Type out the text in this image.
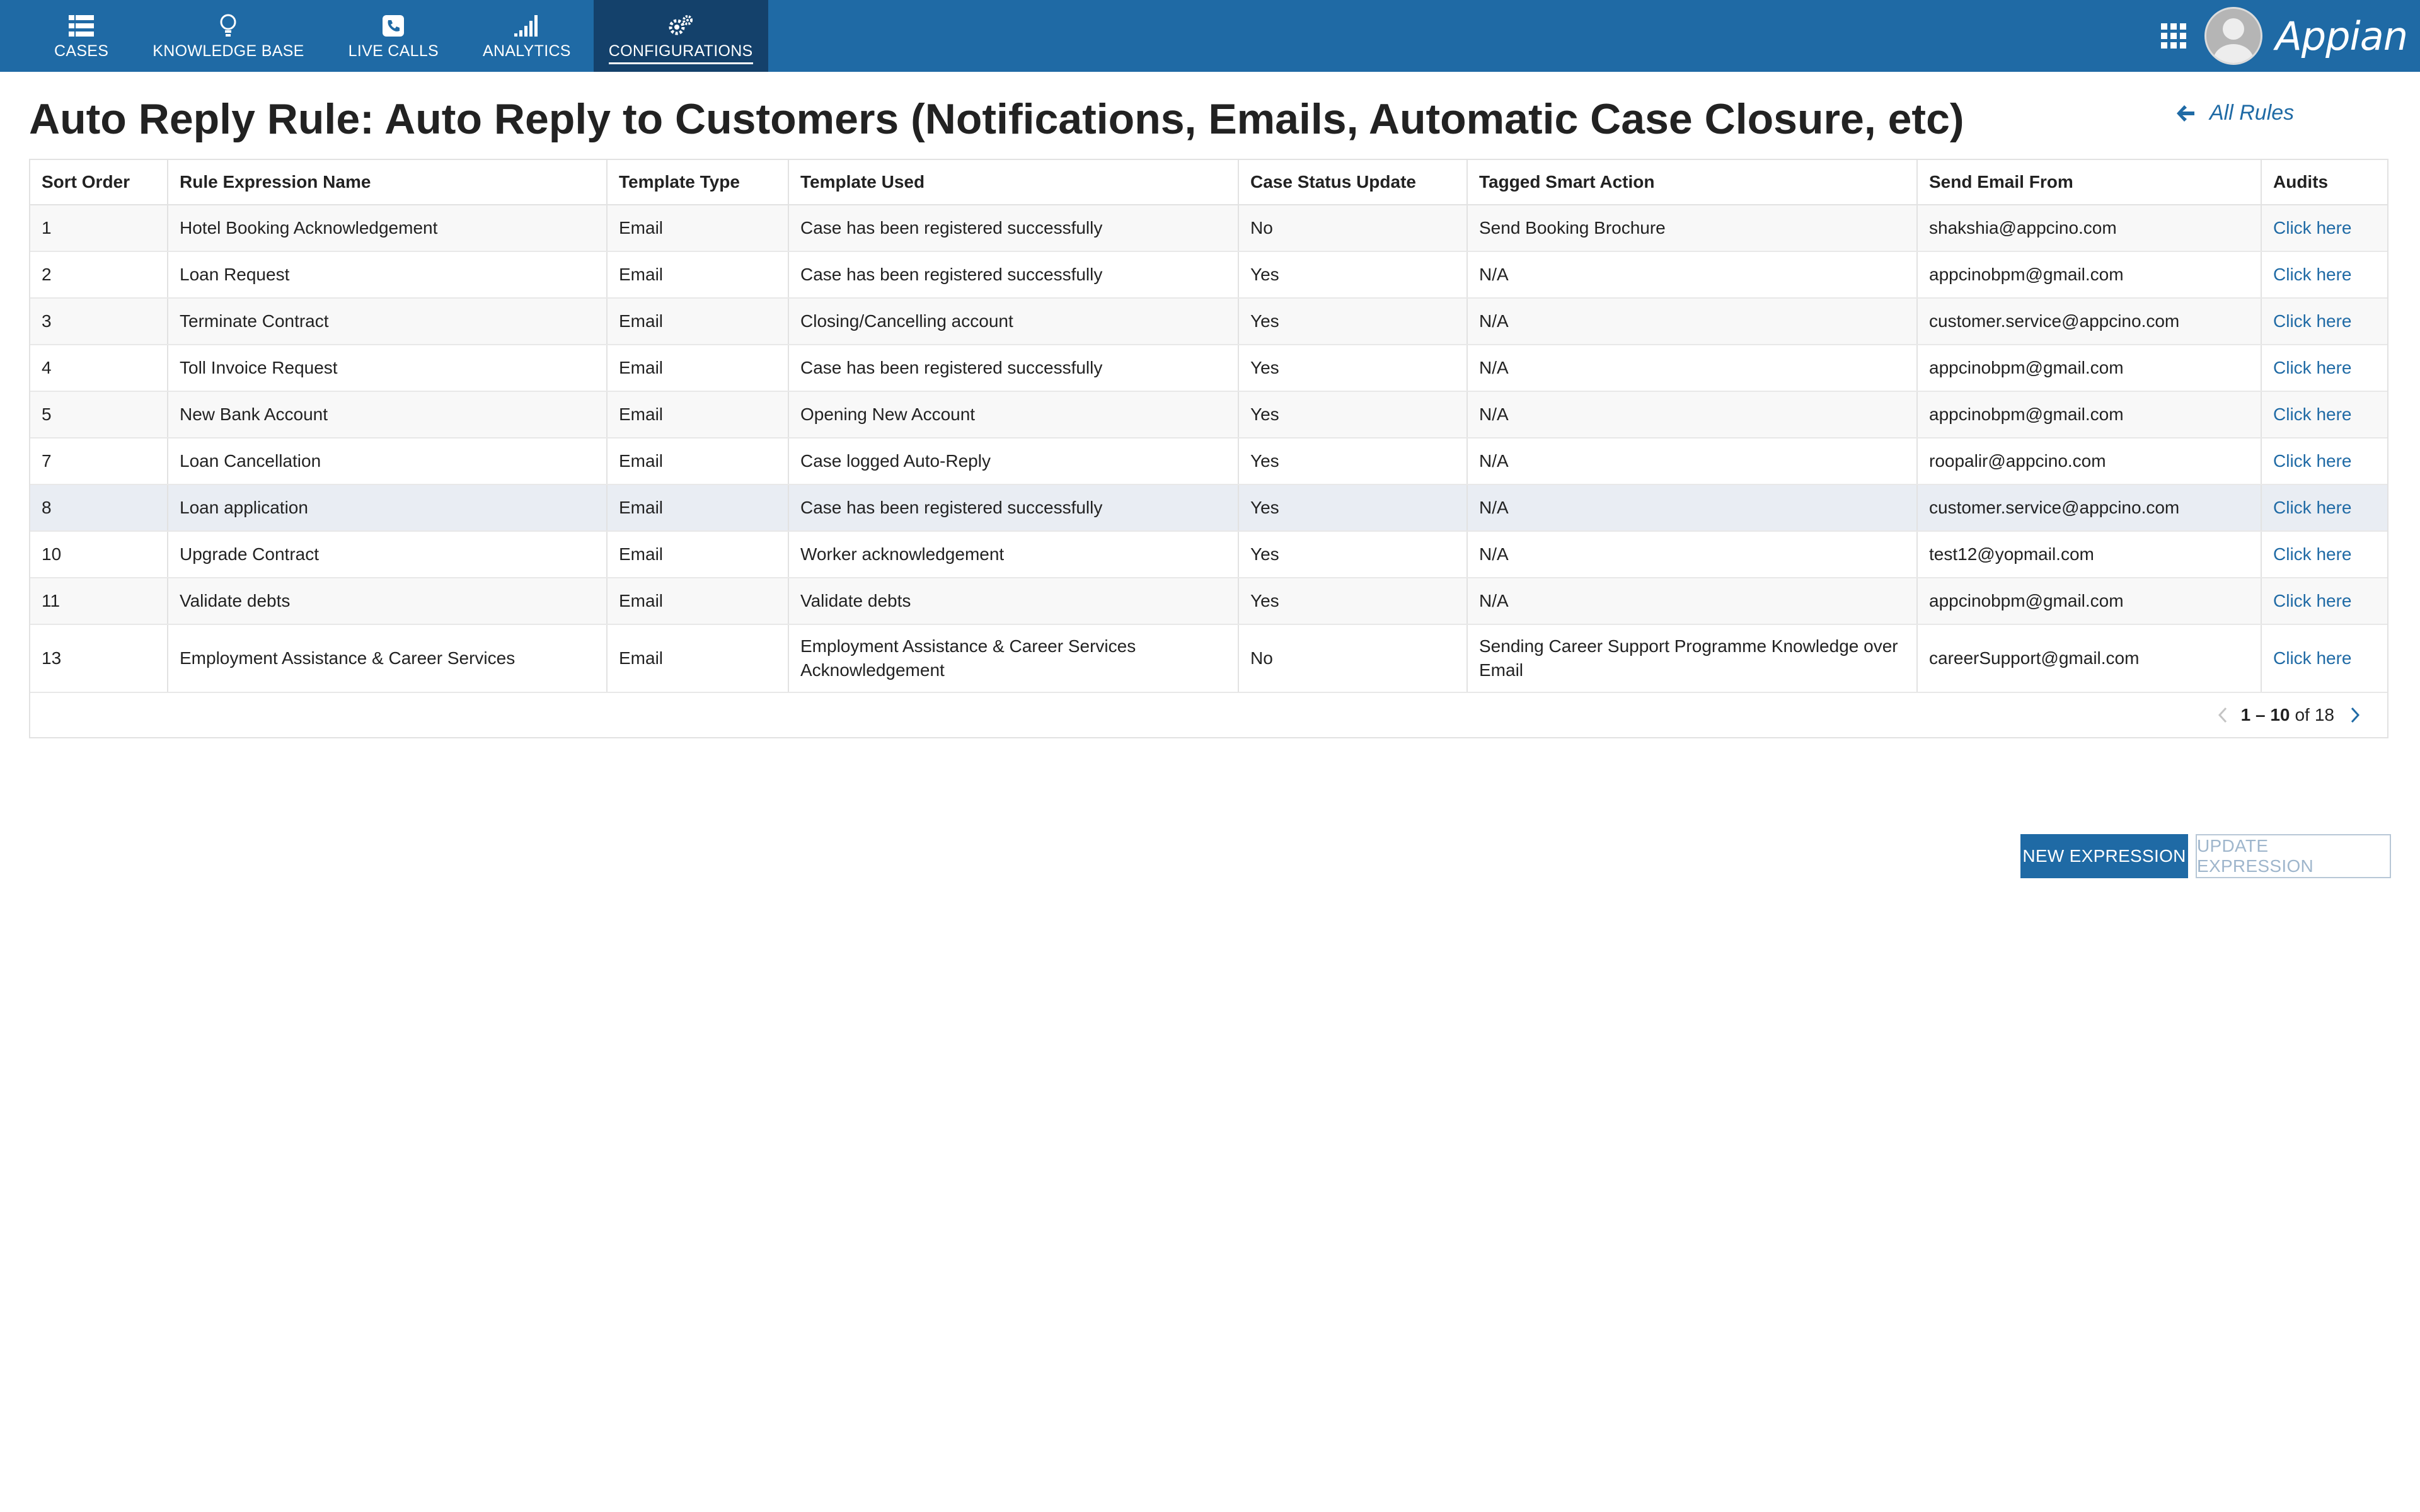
CASES	KNOWLEDGE BASE	LIVE CALLS	ANALYTICS CONFIGURATIONS	Appian
Auto Reply Rule: Auto Reply to Customers (Notifications, Emails, Automatic Case Closure, etc)	All Rules
Sort Order	Rule Expression Name	Template Type	Template Used	Case Status Update	Tagged Smart Action	Send Email From	Audits
1	Hotel Booking Acknowledgement	Email	Case has been registered successfully	No	Send Booking Brochure	shakshia@appcino.com	Click here
2	Loan Request	Email	Case has been registered successfully	Yes	N/A	appcinobpm@gmail.com	Click here
3	Terminate Contract	Email	Closing/Cancelling account	Yes	N/A	customer.service@appcino.com	Click here
4	Toll Invoice Request	Email	Case has been registered successfully	Yes	N/A	appcinobpm@gmail.com	Click here
5	New Bank Account	Email	Opening New Account	Yes	N/A	appcinobpm@gmail.com	Click here
7	Loan Cancellation	Email	Case logged Auto-Reply	Yes	N/A	roopalir@appcino.com	Click here
8	Loan application	Email	Case has been registered successfully	Yes	N/A	customer.service@appcino.com	Click here
10	Upgrade Contract	Email	Worker acknowledgement	Yes	N/A	test12@yopmail.com	Click here
11	Validate debts	Email	Validate debts	Yes	N/A	appcinobpm@gmail.com	Click here
13	Employment Assistance & Career Services	Email	Employment Assistance & Career Services Acknowledgement	No	Sending Career Support Programme Knowledge over Email	careerSupport@gmail.com	Click here
1 – 10 of 18
NEW EXPRESSION
UPDATE EXPRESSION
